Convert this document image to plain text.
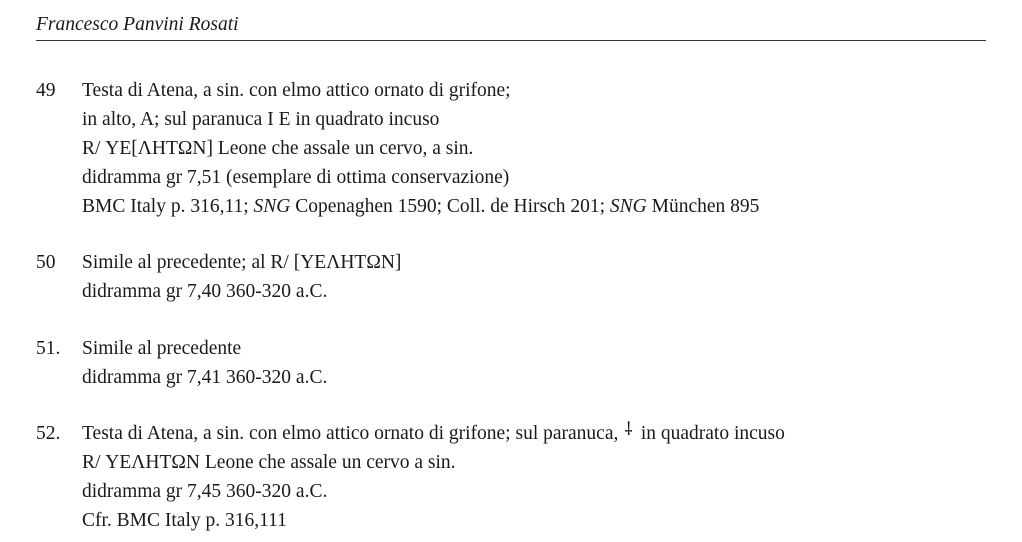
Francesco Panvini Rosati
49 Testa di Atena, a sin. con elmo attico ornato di grifone;
in alto, A; sul paranuca I E in quadrato incuso
R/ ΥE[ΛHTΩN] Leone che assale un cervo, a sin.
didramma gr 7,51 (esemplare di ottima conservazione)
BMC Italy p. 316,11; SNG Copenaghen 1590; Coll. de Hirsch 201; SNG München 895
50 Simile al precedente; al R/ [ΥEΛHTΩN]
didramma gr 7,40 360-320 a.C.
51. Simile al precedente
didramma gr 7,41 360-320 a.C.
52. Testa di Atena, a sin. con elmo attico ornato di grifone; sul paranuca, ⸸ in quadrato incuso
R/ ΥEΛHTΩN Leone che assale un cervo a sin.
didramma gr 7,45 360-320 a.C.
Cfr. BMC Italy p. 316,111
